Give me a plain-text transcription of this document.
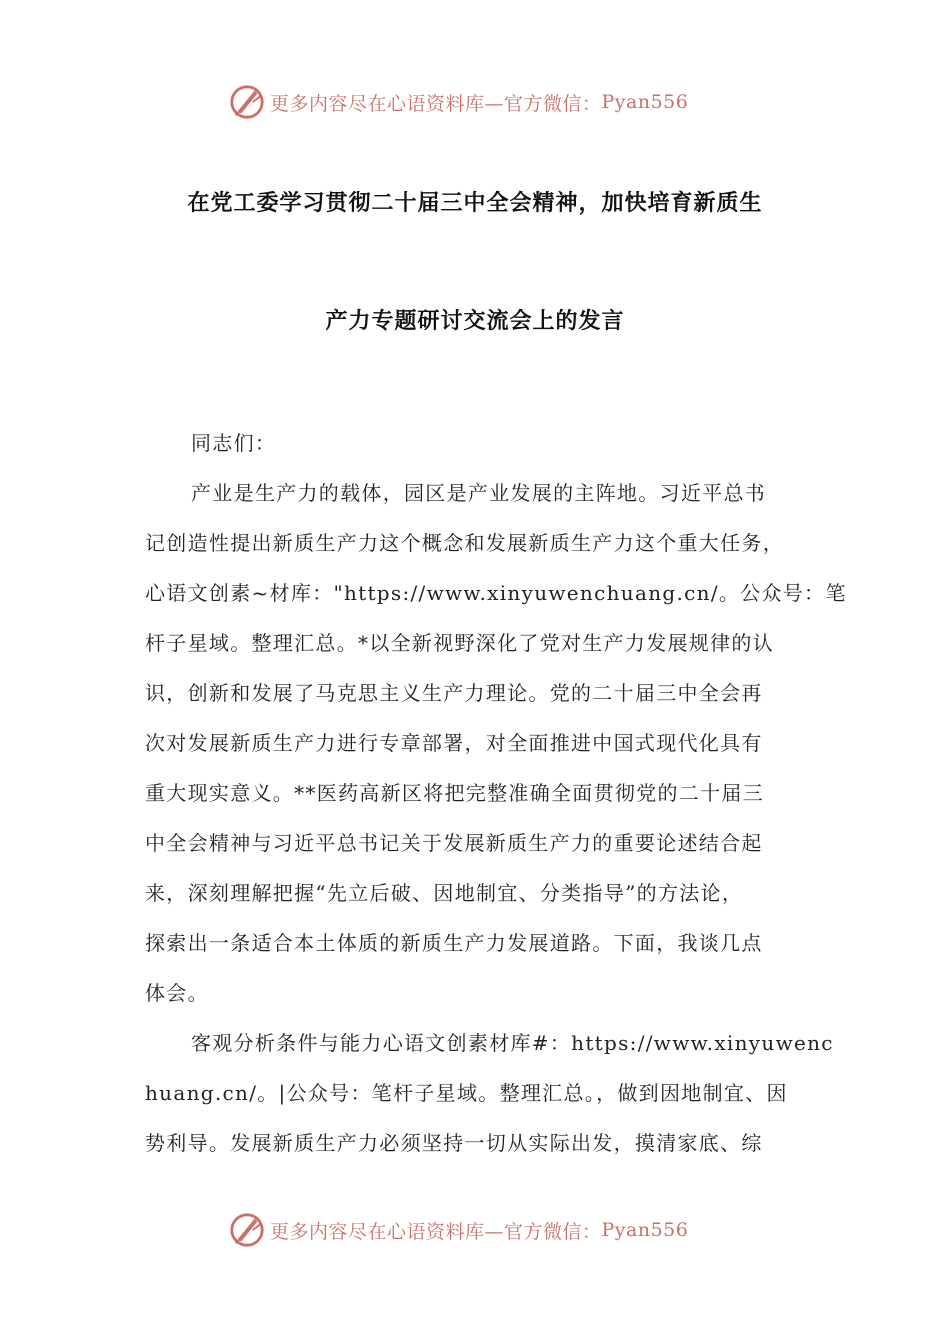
更多内容尽在心语资料库—官方微信： Pyan556
在党工委学习贯彻二十届三中全会精神，加快培育新质生
产力专题研讨交流会上的发言
同志们：
产业是生产力的载体，园区是产业发展的主阵地。习近平总书
记创造性提出新质生产力这个概念和发展新质生产力这个重大任务，
心语文创素~材库："https://www.xinyuwenchuang.cn/。公众号：笔
杆子星域。整理汇总。*以全新视野深化了党对生产力发展规律的认
识，创新和发展了马克思主义生产力理论。党的二十届三中全会再
次对发展新质生产力进行专章部署，对全面推进中国式现代化具有
重大现实意义。**医药高新区将把完整准确全面贯彻党的二十届三
中全会精神与习近平总书记关于发展新质生产力的重要论述结合起
来，深刻理解把握“先立后破、因地制宜、分类指导”的方法论，
探索出一条适合本土体质的新质生产力发展道路。下面，我谈几点
体会。
客观分析条件与能力心语文创素材库#：https://www.xinyuwenc
huang.cn/。|公众号：笔杆子星域。整理汇总。，做到因地制宜、因
势利导。发展新质生产力必须坚持一切从实际出发，摸清家底、综
更多内容尽在心语资料库—官方微信： Pyan556
